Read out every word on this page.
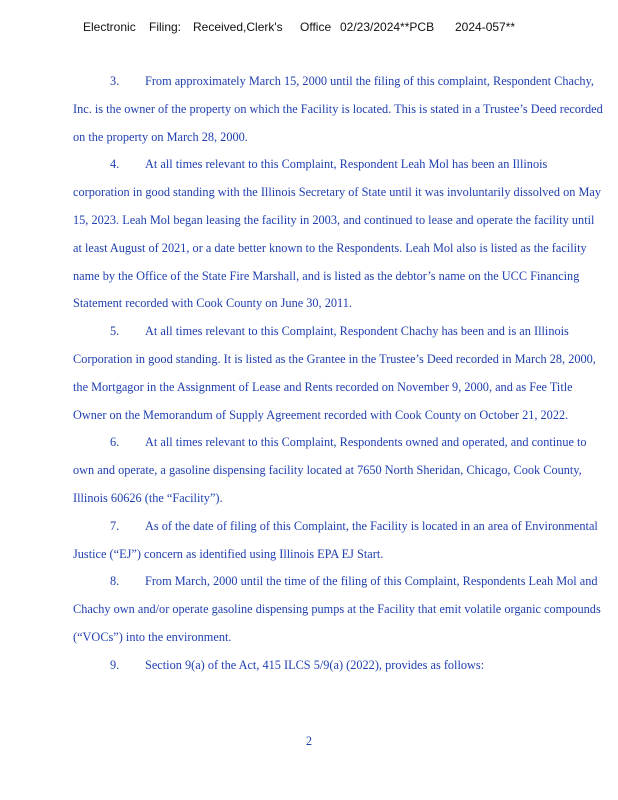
Electronic Filing: Received,Clerk's Office 02/23/2024**PCB 2024-057**

3. From approximately March 15, 2000 until the filing of this complaint, Respondent Chachy, Inc. is the owner of the property on which the Facility is located. This is stated in a Trustee’s Deed recorded on the property on March 28, 2000.

4. At all times relevant to this Complaint, Respondent Leah Mol has been an Illinois corporation in good standing with the Illinois Secretary of State until it was involuntarily dissolved on May 15, 2023. Leah Mol began leasing the facility in 2003, and continued to lease and operate the facility until at least August of 2021, or a date better known to the Respondents. Leah Mol also is listed as the facility name by the Office of the State Fire Marshall, and is listed as the debtor’s name on the UCC Financing Statement recorded with Cook County on June 30, 2011.

5. At all times relevant to this Complaint, Respondent Chachy has been and is an Illinois Corporation in good standing. It is listed as the Grantee in the Trustee’s Deed recorded in March 28, 2000, the Mortgagor in the Assignment of Lease and Rents recorded on November 9, 2000, and as Fee Title Owner on the Memorandum of Supply Agreement recorded with Cook County on October 21, 2022.

6. At all times relevant to this Complaint, Respondents owned and operated, and continue to own and operate, a gasoline dispensing facility located at 7650 North Sheridan, Chicago, Cook County, Illinois 60626 (the “Facility”).

7. As of the date of filing of this Complaint, the Facility is located in an area of Environmental Justice (“EJ”) concern as identified using Illinois EPA EJ Start.

8. From March, 2000 until the time of the filing of this Complaint, Respondents Leah Mol and Chachy own and/or operate gasoline dispensing pumps at the Facility that emit volatile organic compounds (“VOCs”) into the environment.

9. Section 9(a) of the Act, 415 ILCS 5/9(a) (2022), provides as follows:

2
